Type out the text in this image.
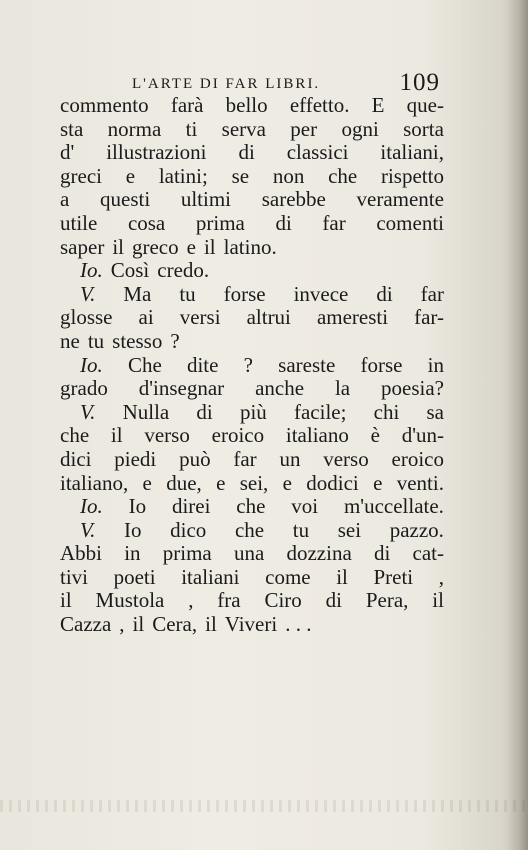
L'ARTE DI FAR LIBRI.	109
commento farà bello effetto. E que-
sta norma ti serva per ogni sorta
d' illustrazioni di classici italiani,
greci e latini; se non che rispetto
a questi ultimi sarebbe veramente
utile cosa prima di far comenti
saper il greco e il latino.
Io. Così credo.
V. Ma tu forse invece di far
glosse ai versi altrui ameresti far-
ne tu stesso ?
Io. Che dite ? sareste forse in
grado d'insegnar anche la poesia?
V. Nulla di più facile; chi sa
che il verso eroico italiano è d'un-
dici piedi può far un verso eroico
italiano, e due, e sei, e dodici e venti.
Io. Io direi che voi m'uccellate.
V. Io dico che tu sei pazzo.
Abbi in prima una dozzina di cat-
tivi poeti italiani come il Preti ,
il Mustola , fra Ciro di Pera, il
Cazza , il Cera, il Viveri . . .
